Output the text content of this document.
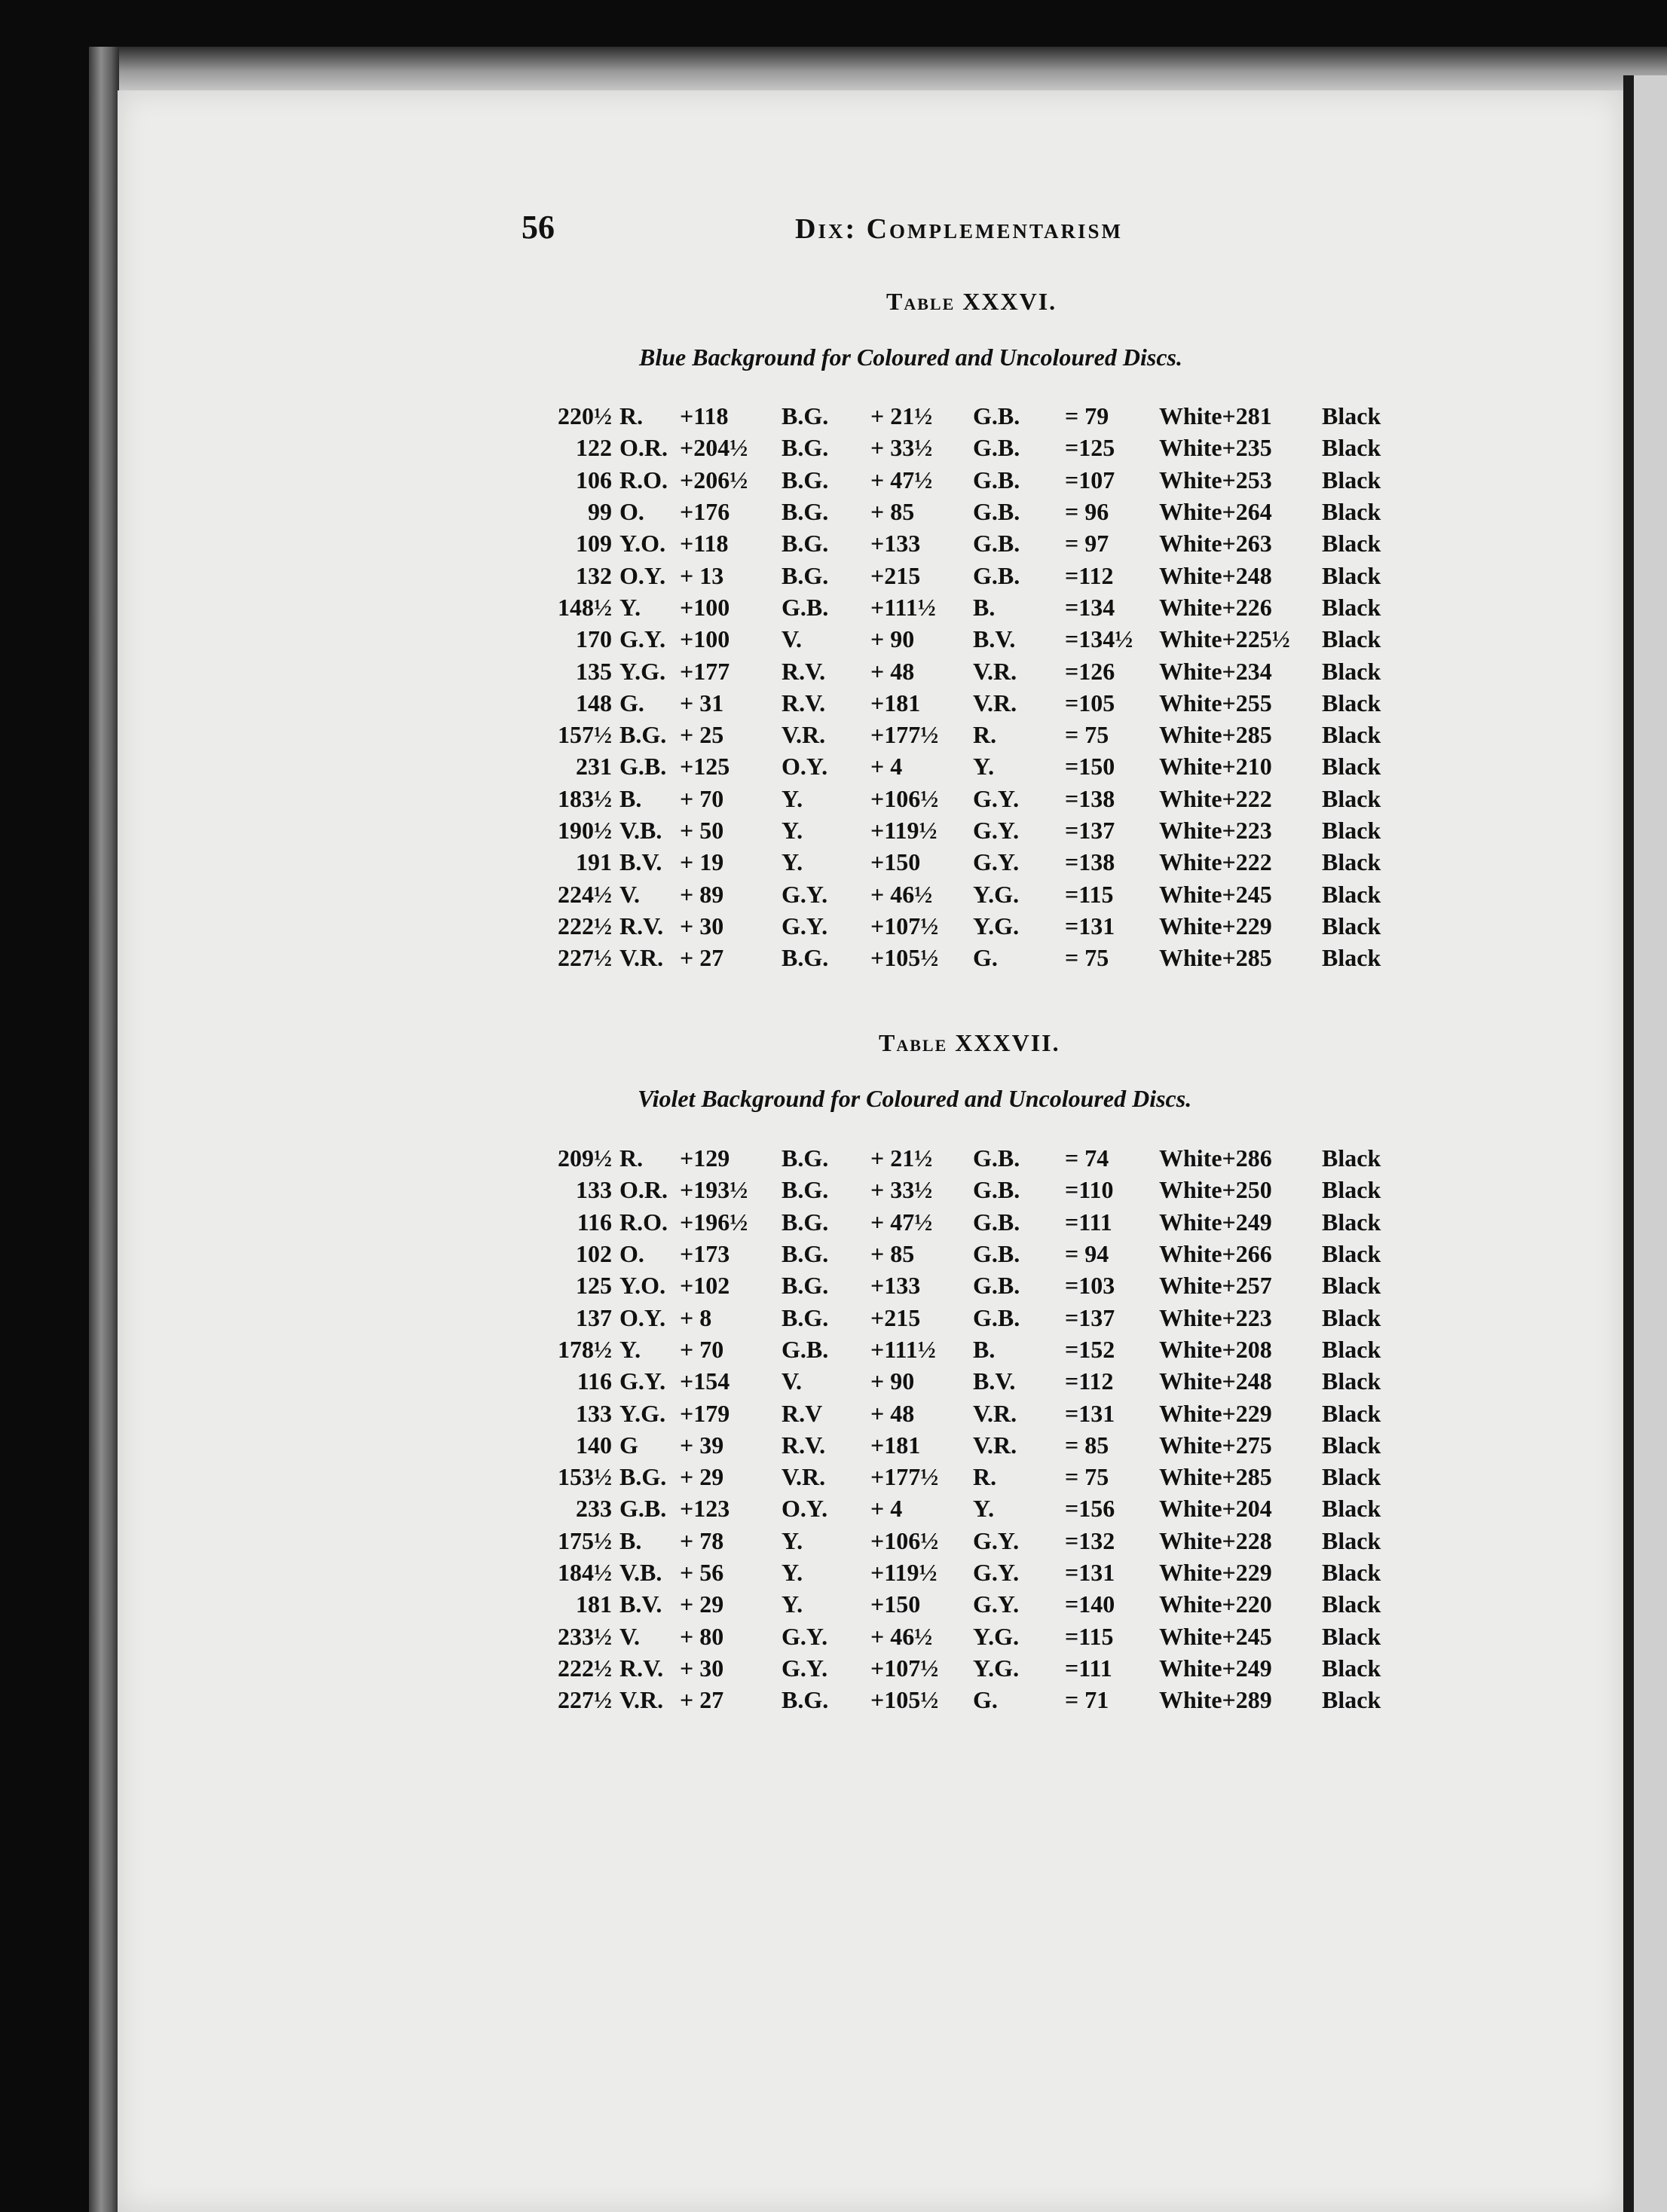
56	Dix: Complementarism
Table XXXVI.
Blue Background for Coloured and Uncoloured Discs.
220½	R.	+118	B.G.	+ 21½	G.B.	= 79	White+281	Black
122	O.R.	+204½	B.G.	+ 33½	G.B.	=125	White+235	Black
106	R.O.	+206½	B.G.	+ 47½	G.B.	=107	White+253	Black
99	O.	+176	B.G.	+ 85	G.B.	= 96	White+264	Black
109	Y.O.	+118	B.G.	+133	G.B.	= 97	White+263	Black
132	O.Y.	+ 13	B.G.	+215	G.B.	=112	White+248	Black
148½	Y.	+100	G.B.	+111½	B.	=134	White+226	Black
170	G.Y.	+100	V.	+ 90	B.V.	=134½	White+225½	Black
135	Y.G.	+177	R.V.	+ 48	V.R.	=126	White+234	Black
148	G.	+ 31	R.V.	+181	V.R.	=105	White+255	Black
157½	B.G.	+ 25	V.R.	+177½	R.	= 75	White+285	Black
231	G.B.	+125	O.Y.	+ 4	Y.	=150	White+210	Black
183½	B.	+ 70	Y.	+106½	G.Y.	=138	White+222	Black
190½	V.B.	+ 50	Y.	+119½	G.Y.	=137	White+223	Black
191	B.V.	+ 19	Y.	+150	G.Y.	=138	White+222	Black
224½	V.	+ 89	G.Y.	+ 46½	Y.G.	=115	White+245	Black
222½	R.V.	+ 30	G.Y.	+107½	Y.G.	=131	White+229	Black
227½	V.R.	+ 27	B.G.	+105½	G.	= 75	White+285	Black
Table XXXVII.
Violet Background for Coloured and Uncoloured Discs.
209½	R.	+129	B.G.	+ 21½	G.B.	= 74	White+286	Black
133	O.R.	+193½	B.G.	+ 33½	G.B.	=110	White+250	Black
116	R.O.	+196½	B.G.	+ 47½	G.B.	=111	White+249	Black
102	O.	+173	B.G.	+ 85	G.B.	= 94	White+266	Black
125	Y.O.	+102	B.G.	+133	G.B.	=103	White+257	Black
137	O.Y.	+ 8	B.G.	+215	G.B.	=137	White+223	Black
178½	Y.	+ 70	G.B.	+111½	B.	=152	White+208	Black
116	G.Y.	+154	V.	+ 90	B.V.	=112	White+248	Black
133	Y.G.	+179	R.V	+ 48	V.R.	=131	White+229	Black
140	G	+ 39	R.V.	+181	V.R.	= 85	White+275	Black
153½	B.G.	+ 29	V.R.	+177½	R.	= 75	White+285	Black
233	G.B.	+123	O.Y.	+ 4	Y.	=156	White+204	Black
175½	B.	+ 78	Y.	+106½	G.Y.	=132	White+228	Black
184½	V.B.	+ 56	Y.	+119½	G.Y.	=131	White+229	Black
181	B.V.	+ 29	Y.	+150	G.Y.	=140	White+220	Black
233½	V.	+ 80	G.Y.	+ 46½	Y.G.	=115	White+245	Black
222½	R.V.	+ 30	G.Y.	+107½	Y.G.	=111	White+249	Black
227½	V.R.	+ 27	B.G.	+105½	G.	= 71	White+289	Black
